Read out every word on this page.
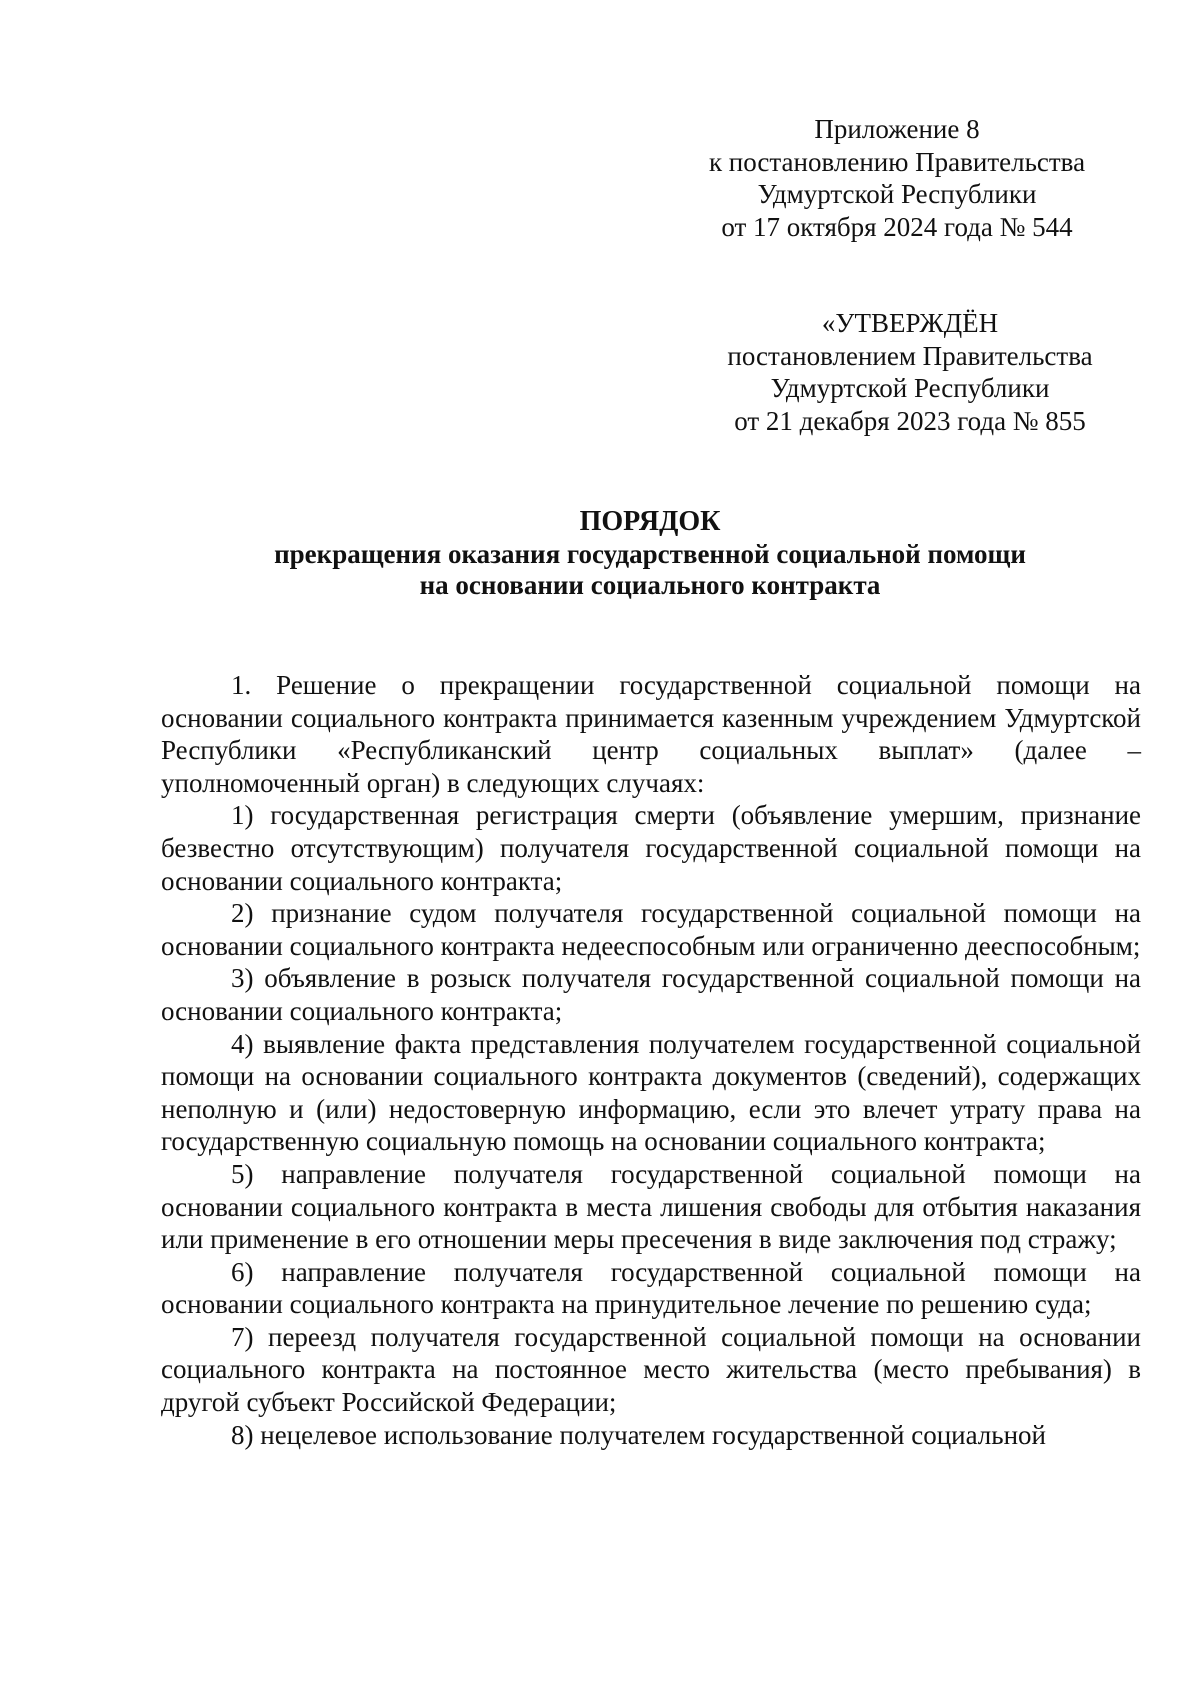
Приложение 8
к постановлению Правительства
Удмуртской Республики
от 17 октября 2024 года № 544
«УТВЕРЖДЁН
постановлением Правительства
Удмуртской Республики
от 21 декабря 2023 года № 855
ПОРЯДОК
прекращения оказания государственной социальной помощи
на основании социального контракта

1. Решение о прекращении государственной социальной помощи на основании социального контракта принимается казенным учреждением Удмуртской Республики «Республиканский центр социальных выплат» (далее – уполномоченный орган) в следующих случаях:

1) государственная регистрация смерти (объявление умершим, признание безвестно отсутствующим) получателя государственной социальной помощи на основании социального контракта;

2) признание судом получателя государственной социальной помощи на основании социального контракта недееспособным или ограниченно дееспособным;

3) объявление в розыск получателя государственной социальной помощи на основании социального контракта;

4) выявление факта представления получателем государственной социальной помощи на основании социального контракта документов (сведений), содержащих неполную и (или) недостоверную информацию, если это влечет утрату права на государственную социальную помощь на основании социального контракта;

5) направление получателя государственной социальной помощи на основании социального контракта в места лишения свободы для отбытия наказания или применение в его отношении меры пресечения в виде заключения под стражу;

6) направление получателя государственной социальной помощи на основании социального контракта на принудительное лечение по решению суда;

7) переезд получателя государственной социальной помощи на основании социального контракта на постоянное место жительства (место пребывания) в другой субъект Российской Федерации;

8) нецелевое использование получателем государственной социальной
